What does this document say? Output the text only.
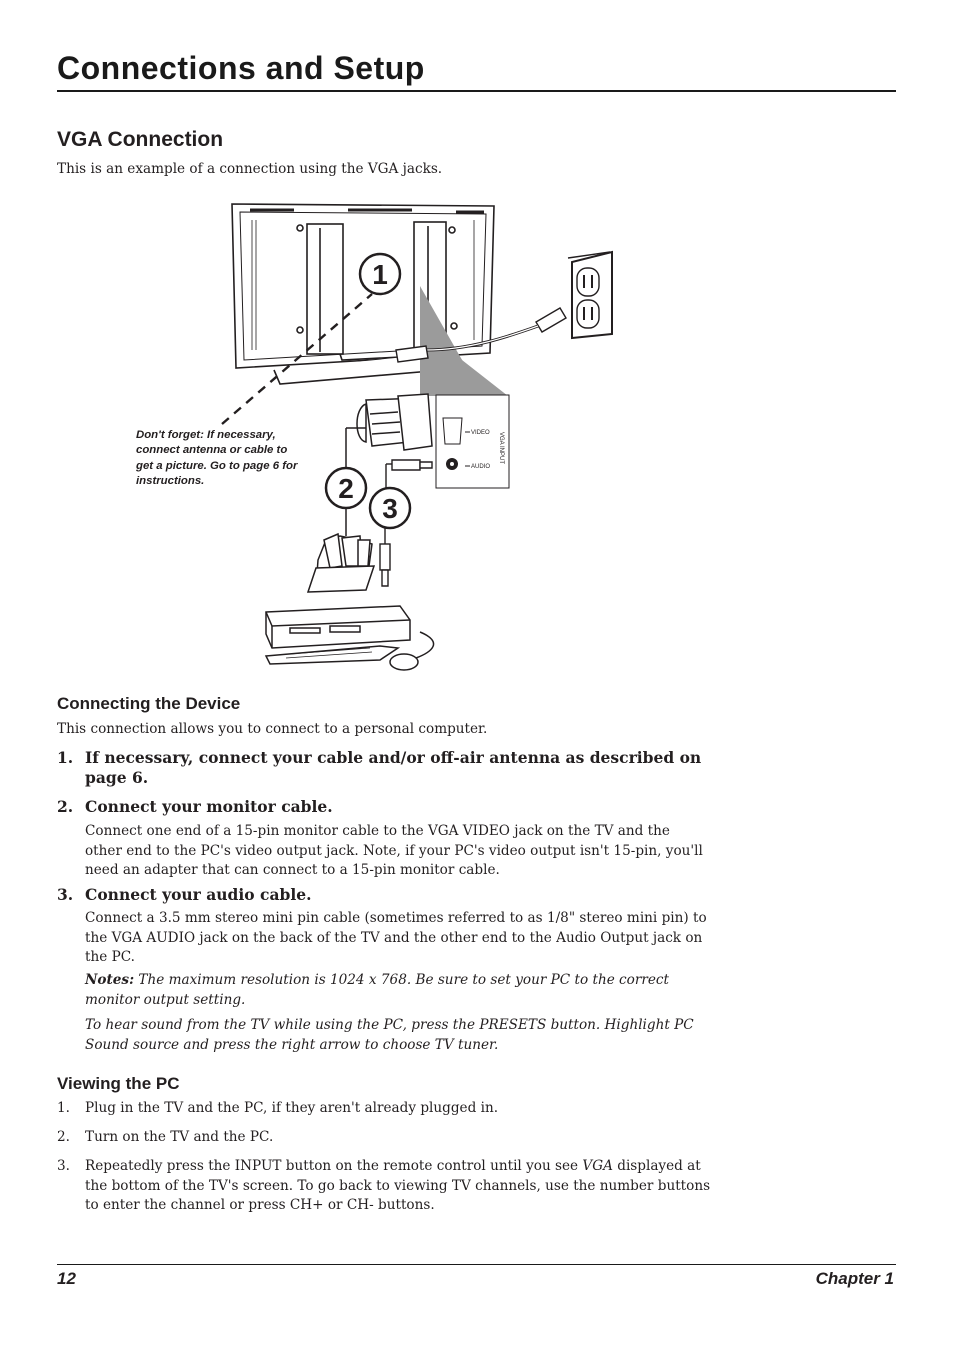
Connections and Setup
VGA Connection
This is an example of a connection using the VGA jacks.
VIDEO
AUDIO
VGA INPUT
1
2
3
Don't forget: If necessary,
connect antenna or cable to
get a picture. Go to page 6 for
instructions.
Connecting the Device
This connection allows you to connect to a personal computer.
1. If necessary, connect your cable and/or off-air antenna as described on
page 6.
2. Connect your monitor cable.
Connect one end of a 15-pin monitor cable to the VGA VIDEO jack on the TV and the
other end to the PC's video output jack. Note, if your PC's video output isn't 15-pin, you'll
need an adapter that can connect to a 15-pin monitor cable.
3. Connect your audio cable.
Connect a 3.5 mm stereo mini pin cable (sometimes referred to as 1/8" stereo mini pin) to
the VGA AUDIO jack on the back of the TV and the other end to the Audio Output jack on
the PC.
Notes: The maximum resolution is 1024 x 768. Be sure to set your PC to the correct
monitor output setting.
To hear sound from the TV while using the PC, press the PRESETS button. Highlight PC
Sound source and press the right arrow to choose TV tuner.
Viewing the PC
1. Plug in the TV and the PC, if they aren't already plugged in.
2. Turn on the TV and the PC.
3. Repeatedly press the INPUT button on the remote control until you see VGA displayed at
the bottom of the TV's screen. To go back to viewing TV channels, use the number buttons
to enter the channel or press CH+ or CH- buttons.
12	Chapter 1
